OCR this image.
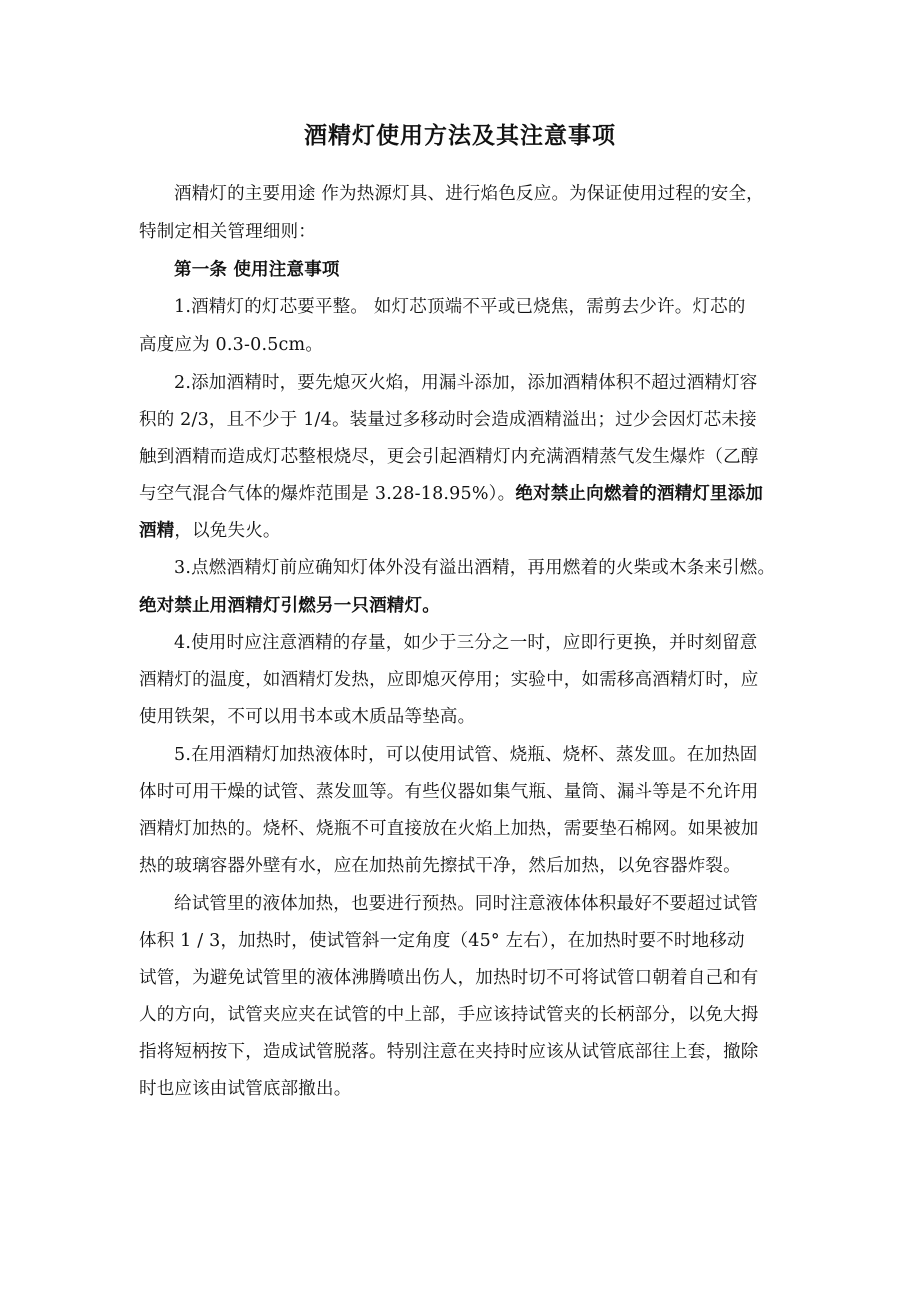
酒精灯使用方法及其注意事项
酒精灯的主要用途 作为热源灯具、进行焰色反应。为保证使用过程的安全，
特制定相关管理细则：
第一条 使用注意事项
1.酒精灯的灯芯要平整。 如灯芯顶端不平或已烧焦，需剪去少许。灯芯的
高度应为 0.3-0.5cm。
2.添加酒精时，要先熄灭火焰，用漏斗添加，添加酒精体积不超过酒精灯容
积的 2/3，且不少于 1/4。装量过多移动时会造成酒精溢出；过少会因灯芯未接
触到酒精而造成灯芯整根烧尽，更会引起酒精灯内充满酒精蒸气发生爆炸（乙醇
与空气混合气体的爆炸范围是 3.28-18.95%）。绝对禁止向燃着的酒精灯里添加
酒精，以免失火。
3.点燃酒精灯前应确知灯体外没有溢出酒精，再用燃着的火柴或木条来引燃。
绝对禁止用酒精灯引燃另一只酒精灯。
4.使用时应注意酒精的存量，如少于三分之一时，应即行更换，并时刻留意
酒精灯的温度，如酒精灯发热，应即熄灭停用；实验中，如需移高酒精灯时，应
使用铁架，不可以用书本或木质品等垫高。
5.在用酒精灯加热液体时，可以使用试管、烧瓶、烧杯、蒸发皿。在加热固
体时可用干燥的试管、蒸发皿等。有些仪器如集气瓶、量筒、漏斗等是不允许用
酒精灯加热的。烧杯、烧瓶不可直接放在火焰上加热，需要垫石棉网。如果被加
热的玻璃容器外壁有水，应在加热前先擦拭干净，然后加热，以免容器炸裂。
给试管里的液体加热，也要进行预热。同时注意液体体积最好不要超过试管
体积 1 / 3，加热时，使试管斜一定角度（45° 左右），在加热时要不时地移动
试管，为避免试管里的液体沸腾喷出伤人，加热时切不可将试管口朝着自己和有
人的方向，试管夹应夹在试管的中上部，手应该持试管夹的长柄部分，以免大拇
指将短柄按下，造成试管脱落。特别注意在夹持时应该从试管底部往上套，撤除
时也应该由试管底部撤出。
